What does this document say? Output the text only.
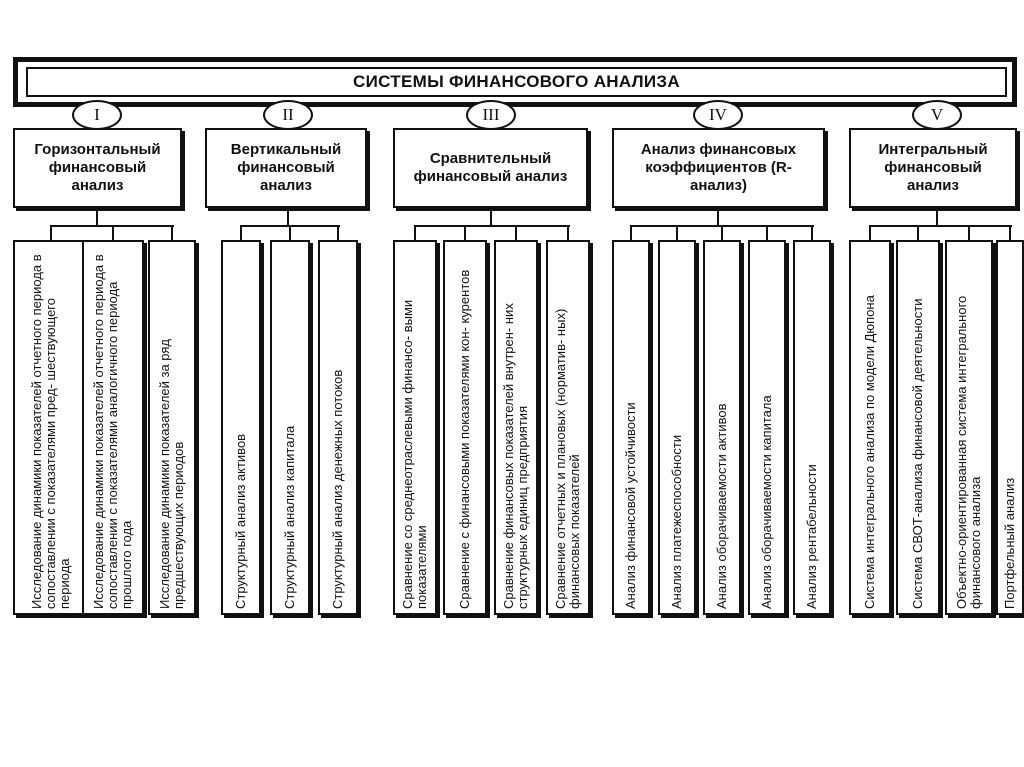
СИСТЕМЫ ФИНАНСОВОГО АНАЛИЗА
I
Горизонтальный финансовый анализ
Исследование динамики показателей отчетного периода в сопоставлении с показателями пред- шествующего периода Исследование динамики показателей отчетного периода в сопоставлении с показателями аналогичного периода прошлого года Исследование динамики показателей за ряд предшествующих периодов
II
Вертикальный финансовый анализ
Структурный анализ активов	Структурный анализ капитала	Структурный анализ денежных потоков
III
Сравнительный финансовый анализ
Сравнение со среднеотраслевыми финансо- выми показателями Сравнение с финансовыми показателями кон- курентов Сравнение финансовых показателей внутрен- них структурных единиц предприятия Сравнение отчетных и плановых (норматив- ных) финансовых показателей
IV
Анализ финансовых коэффициентов (R-анализ)
Анализ финансовой устойчивости Анализ платежеспособности Анализ оборачиваемости активов Анализ оборачиваемости капитала Анализ рентабельности
V
Интегральный финансовый анализ
Система интегрального анализа по модели Дюпона	Система СВОТ-анализа финансовой деятельности Объектно-ориентированная система интегрального финансового анализа Портфельный анализ
